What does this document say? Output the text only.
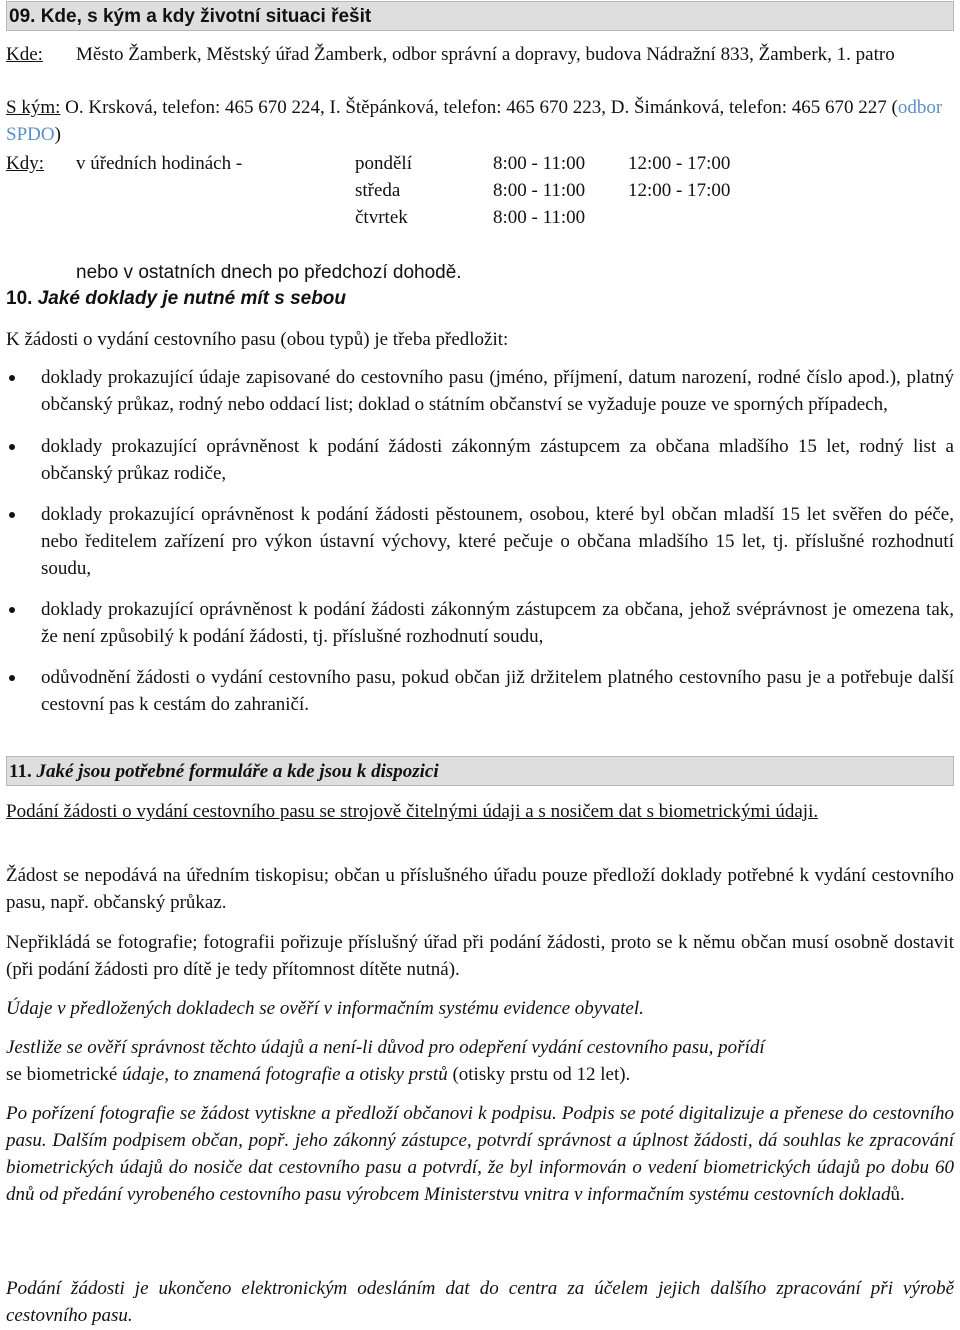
09. Kde, s kým a kdy životní situaci řešit
Kde: Město Žamberk, Městský úřad Žamberk, odbor správní a dopravy, budova Nádražní 833, Žamberk, 1. patro
S kým: O. Krsková, telefon: 465 670 224, I. Štěpánková, telefon: 465 670 223, D. Šimánková, telefon: 465 670 227 (odbor SPDO)
Kdy: v úředních hodinách -	pondělí	8:00 - 11:00 12:00 - 17:00
středa	8:00 - 11:00 12:00 - 17:00
čtvrtek	8:00 - 11:00
nebo v ostatních dnech po předchozí dohodě.
10. Jaké doklady je nutné mít s sebou

K žádosti o vydání cestovního pasu (obou typů) je třeba předložit:

doklady prokazující údaje zapisované do cestovního pasu (jméno, příjmení, datum narození, rodné číslo apod.), platný občanský průkaz, rodný nebo oddací list; doklad o státním občanství se vyžaduje pouze ve sporných případech,
doklady prokazující oprávněnost k podání žádosti zákonným zástupcem za občana mladšího 15 let, rodný list a občanský průkaz rodiče,
doklady prokazující oprávněnost k podání žádosti pěstounem, osobou, které byl občan mladší 15 let svěřen do péče, nebo ředitelem zařízení pro výkon ústavní výchovy, které pečuje o občana mladšího 15 let, tj. příslušné rozhodnutí soudu,
doklady prokazující oprávněnost k podání žádosti zákonným zástupcem za občana, jehož svéprávnost je omezena tak, že není způsobilý k podání žádosti, tj. příslušné rozhodnutí soudu,
odůvodnění žádosti o vydání cestovního pasu, pokud občan již držitelem platného cestovního pasu je a potřebuje další cestovní pas k cestám do zahraničí.
11. Jaké jsou potřebné formuláře a kde jsou k dispozici

Podání žádosti o vydání cestovního pasu se strojově čitelnými údaji a s nosičem dat s biometrickými údaji.

Žádost se nepodává na úředním tiskopisu; občan u příslušného úřadu pouze předloží doklady potřebné k vydání cestovního pasu, např. občanský průkaz.

Nepřikládá se fotografie; fotografii pořizuje příslušný úřad při podání žádosti, proto se k němu občan musí osobně dostavit (při podání žádosti pro dítě je tedy přítomnost dítěte nutná).

Údaje v předložených dokladech se ověří v informačním systému evidence obyvatel.

Jestliže se ověří správnost těchto údajů a není-li důvod pro odepření vydání cestovního pasu, pořídí
se biometrické údaje, to znamená fotografie a otisky prstů (otisky prstu od 12 let).

Po pořízení fotografie se žádost vytiskne a předloží občanovi k podpisu. Podpis se poté digitalizuje a přenese do cestovního pasu. Dalším podpisem občan, popř. jeho zákonný zástupce, potvrdí správnost a úplnost žádosti, dá souhlas ke zpracování biometrických údajů do nosiče dat cestovního pasu a potvrdí, že byl informován o vedení biometrických údajů po dobu 60 dnů od předání vyrobeného cestovního pasu výrobcem Ministerstvu vnitra v informačním systému cestovních dokladů.

Podání žádosti je ukončeno elektronickým odesláním dat do centra za účelem jejich dalšího zpracování při výrobě cestovního pasu.
